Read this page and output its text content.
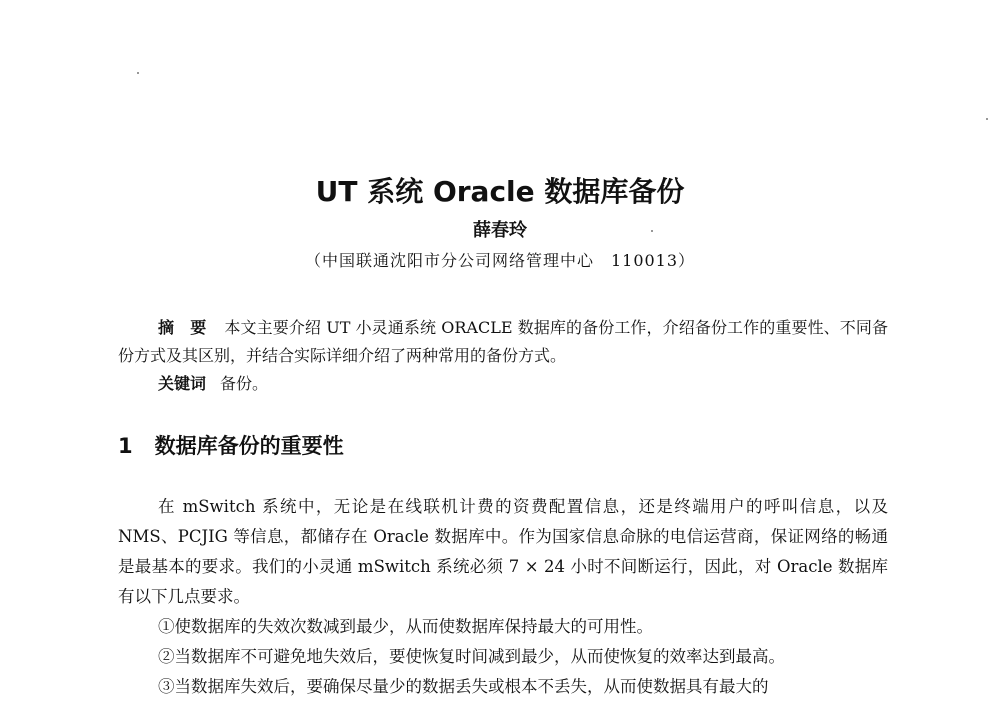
UT 系统 Oracle 数据库备份
薛春玲
（中国联通沈阳市分公司网络管理中心　110013）

摘　要 本文主要介绍 UT 小灵通系统 ORACLE 数据库的备份工作，介绍备份工作的重要性、不同备份方式及其区别，并结合实际详细介绍了两种常用的备份方式。

关键词 备份。

1 数据库备份的重要性

在 mSwitch 系统中，无论是在线联机计费的资费配置信息，还是终端用户的呼叫信息，以及 NMS、PCJIG 等信息，都储存在 Oracle 数据库中。作为国家信息命脉的电信运营商，保证网络的畅通是最基本的要求。我们的小灵通 mSwitch 系统必须 7 × 24 小时不间断运行，因此，对 Oracle 数据库有以下几点要求。

①使数据库的失效次数减到最少，从而使数据库保持最大的可用性。

②当数据库不可避免地失效后，要使恢复时间减到最少，从而使恢复的效率达到最高。

③当数据库失效后，要确保尽量少的数据丢失或根本不丢失，从而使数据具有最大的
